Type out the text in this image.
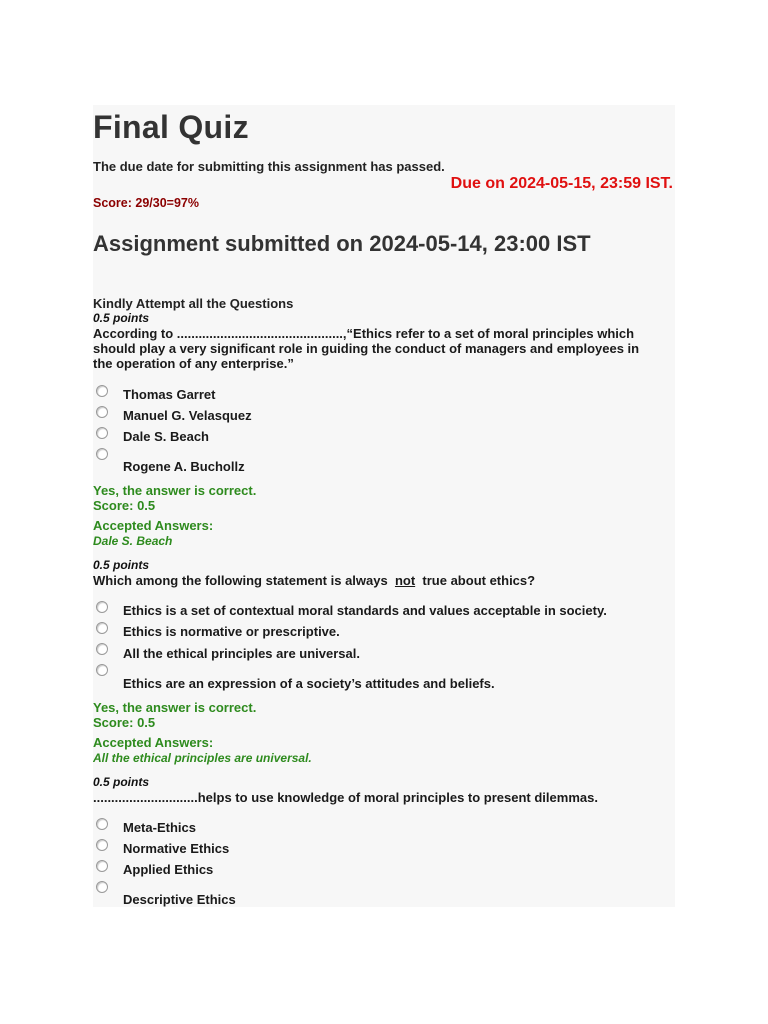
Final Quiz
The due date for submitting this assignment has passed.
Due on 2024-05-15, 23:59 IST.
Score: 29/30=97%
Assignment submitted on 2024-05-14, 23:00 IST
Kindly Attempt all the Questions
0.5 points
According to ..............................................,“Ethics refer to a set of moral principles which should play a very significant role in guiding the conduct of managers and employees in the operation of any enterprise.”
Thomas Garret
Manuel G. Velasquez
Dale S. Beach
Rogene A. Buchollz
Yes, the answer is correct.
Score: 0.5
Accepted Answers:
Dale S. Beach
0.5 points
Which among the following statement is always  not  true about ethics?
Ethics is a set of contextual moral standards and values acceptable in society.
Ethics is normative or prescriptive.
All the ethical principles are universal.
Ethics are an expression of a society’s attitudes and beliefs.
Yes, the answer is correct.
Score: 0.5
Accepted Answers:
All the ethical principles are universal.
0.5 points
.............................helps to use knowledge of moral principles to present dilemmas.
Meta-Ethics
Normative Ethics
Applied Ethics
Descriptive Ethics
